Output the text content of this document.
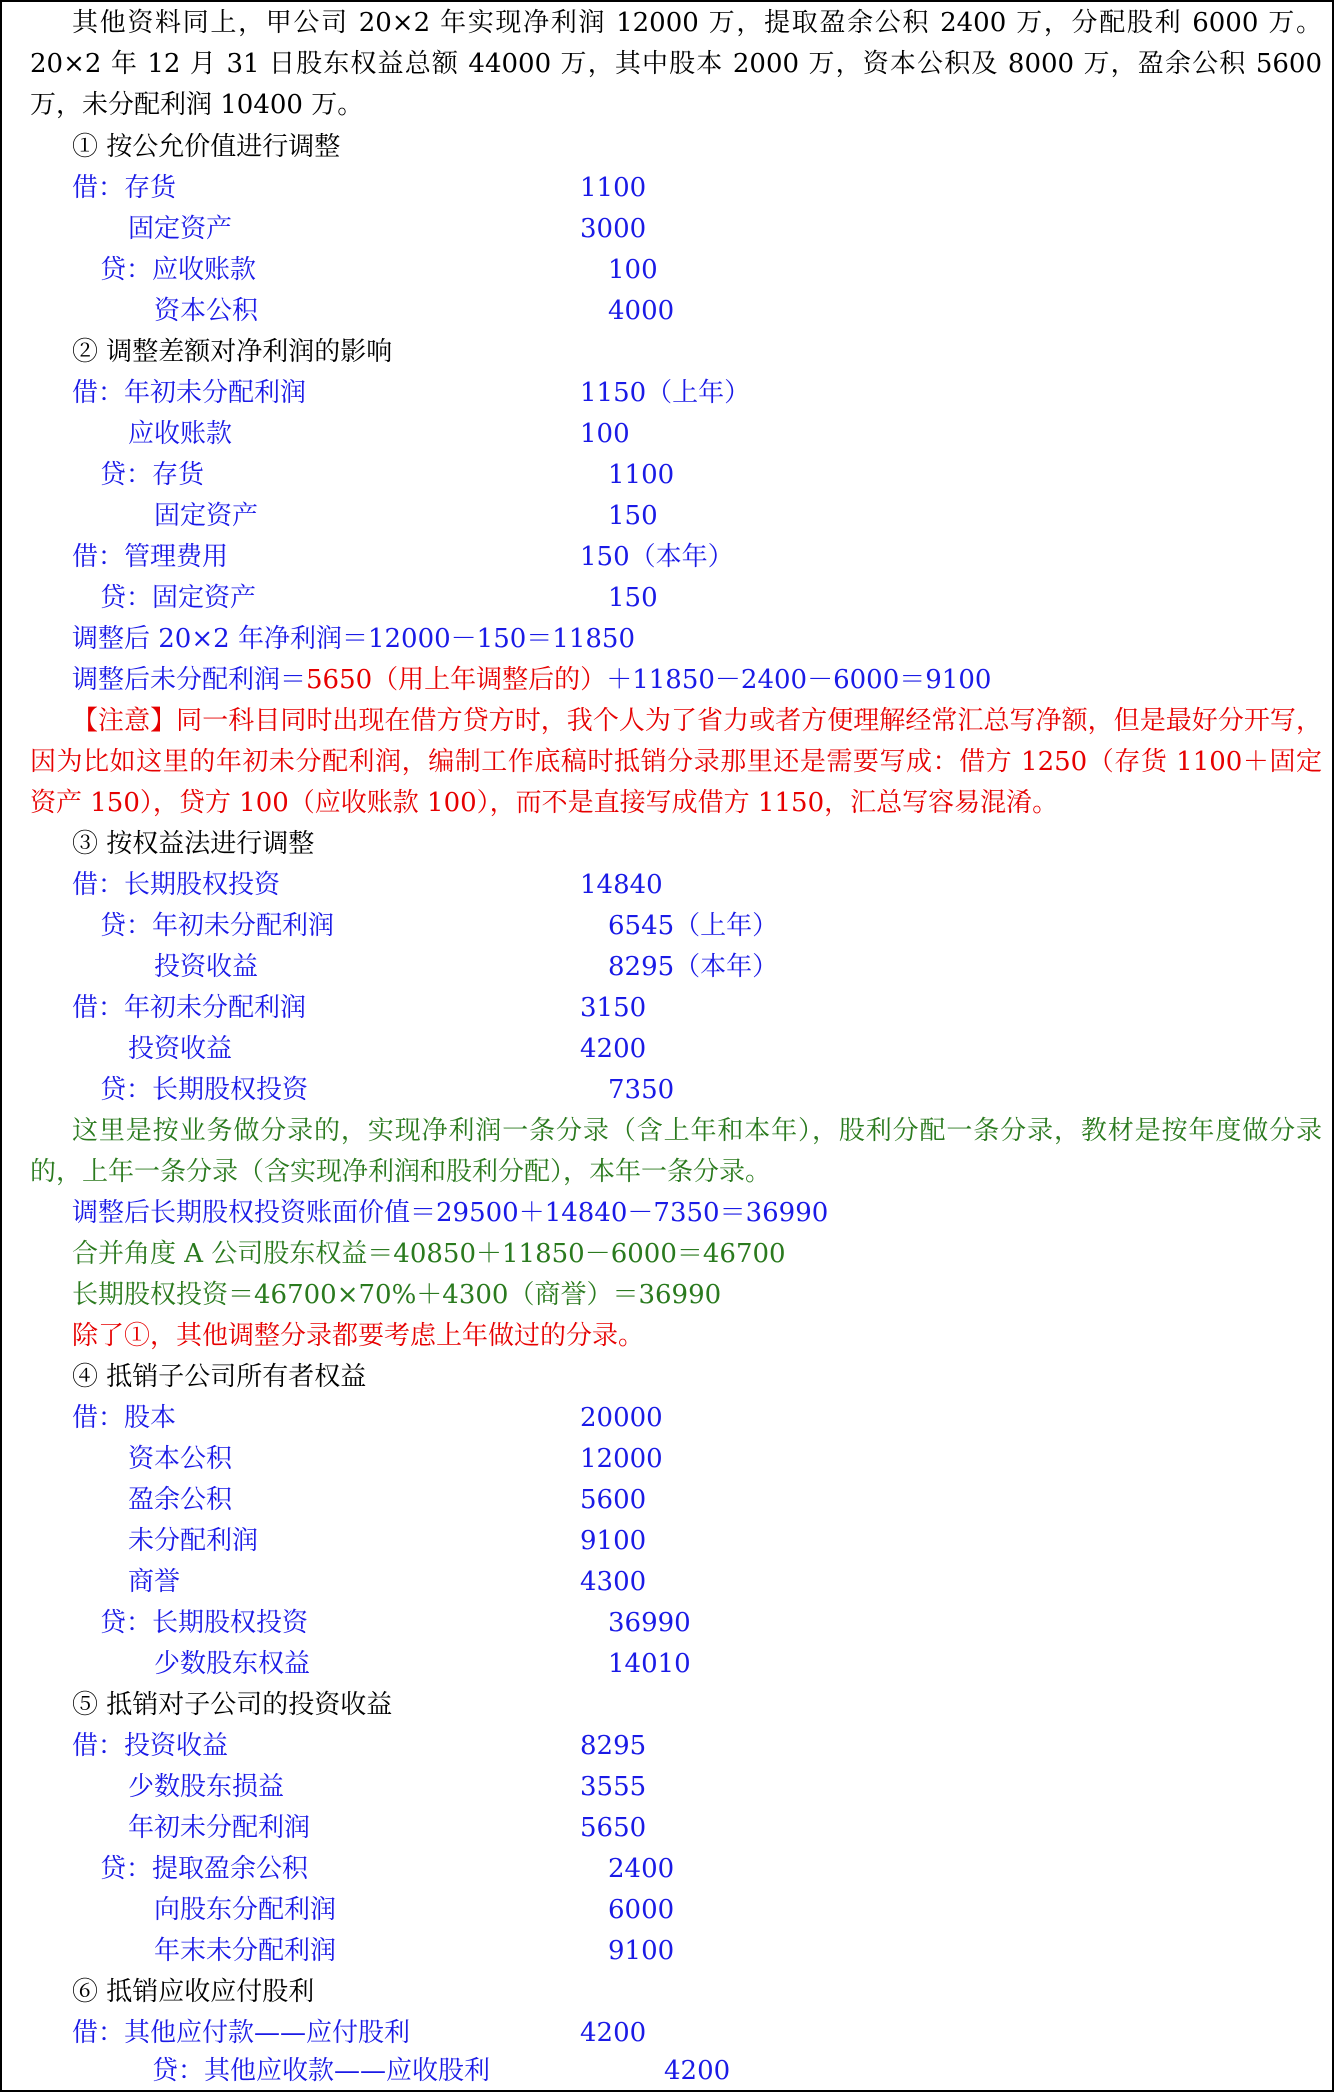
其他资料同上，甲公司 20×2 年实现净利润 12000 万，提取盈余公积 2400 万，分配股利 6000 万。20×2 年 12 月 31 日股东权益总额 44000 万，其中股本 2000 万，资本公积及 8000 万，盈余公积 5600 万，未分配利润 10400 万。
① 按公允价值进行调整
借：存货	1100
固定资产	3000
贷：应收账款	100
资本公积	4000
② 调整差额对净利润的影响
借：年初未分配利润	1150（上年）
应收账款	100
贷：存货	1100
固定资产	150
借：管理费用	150（本年）
贷：固定资产	150
调整后 20×2 年净利润＝12000－150＝11850
调整后未分配利润＝5650（用上年调整后的）＋11850－2400－6000＝9100
【注意】同一科目同时出现在借方贷方时，我个人为了省力或者方便理解经常汇总写净额，但是最好分开写，因为比如这里的年初未分配利润，编制工作底稿时抵销分录那里还是需要写成：借方 1250（存货 1100＋固定资产 150），贷方 100（应收账款 100），而不是直接写成借方 1150，汇总写容易混淆。
③ 按权益法进行调整
借：长期股权投资	14840
贷：年初未分配利润	6545（上年）
投资收益	8295（本年）
借：年初未分配利润	3150
投资收益	4200
贷：长期股权投资	7350
这里是按业务做分录的，实现净利润一条分录（含上年和本年），股利分配一条分录，教材是按年度做分录的，上年一条分录（含实现净利润和股利分配），本年一条分录。
调整后长期股权投资账面价值＝29500＋14840－7350＝36990
合并角度 A 公司股东权益＝40850＋11850－6000＝46700
长期股权投资＝46700×70%＋4300（商誉）＝36990
除了①，其他调整分录都要考虑上年做过的分录。
④ 抵销子公司所有者权益
借：股本	20000
资本公积	12000
盈余公积	5600
未分配利润	9100
商誉	4300
贷：长期股权投资	36990
少数股东权益	14010
⑤ 抵销对子公司的投资收益
借：投资收益	8295
少数股东损益	3555
年初未分配利润	5650
贷：提取盈余公积	2400
向股东分配利润	6000
年末未分配利润	9100
⑥ 抵销应收应付股利
借：其他应付款——应付股利	4200
贷：其他应收款——应收股利	4200
